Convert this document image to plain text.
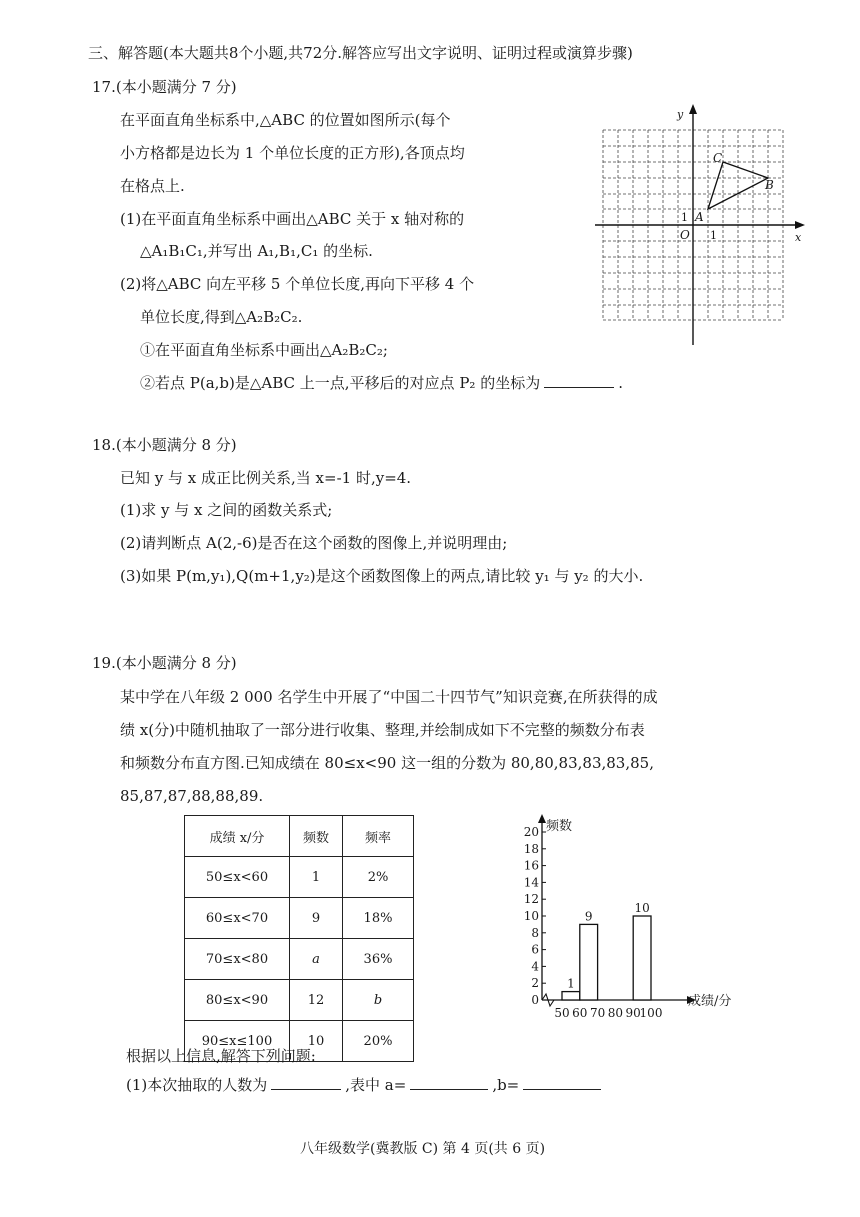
三、解答题(本大题共8个小题,共72分.解答应写出文字说明、证明过程或演算步骤)
17.(本小题满分 7 分)
在平面直角坐标系中,△ABC 的位置如图所示(每个
小方格都是边长为 1 个单位长度的正方形),各顶点均
在格点上.
(1)在平面直角坐标系中画出△ABC 关于 x 轴对称的
△A₁B₁C₁,并写出 A₁,B₁,C₁ 的坐标.
(2)将△ABC 向左平移 5 个单位长度,再向下平移 4 个
单位长度,得到△A₂B₂C₂.
①在平面直角坐标系中画出△A₂B₂C₂;
②若点 P(a,b)是△ABC 上一点,平移后的对应点 P₂ 的坐标为	.
x
y
O 1
1 A
B
C
18.(本小题满分 8 分)
已知 y 与 x 成正比例关系,当 x=-1 时,y=4.
(1)求 y 与 x 之间的函数关系式;
(2)请判断点 A(2,-6)是否在这个函数的图像上,并说明理由;
(3)如果 P(m,y₁),Q(m+1,y₂)是这个函数图像上的两点,请比较 y₁ 与 y₂ 的大小.
19.(本小题满分 8 分)
某中学在八年级 2 000 名学生中开展了“中国二十四节气”知识竞赛,在所获得的成
绩 x(分)中随机抽取了一部分进行收集、整理,并绘制成如下不完整的频数分布表
和频数分布直方图.已知成绩在 80≤x<90 这一组的分数为 80,80,83,83,83,85,
85,87,87,88,88,89.
成绩 x/分	频数	频率
50≤x<60	1	2%
60≤x<70	9	18%
70≤x<80	a	36%
80≤x<90	12	b
90≤x≤100	10	20%
频数
成绩/分
0
2
4
6
8
10
12
14
16
18
20
50 60 70 80 90
100
1
9
10
根据以上信息,解答下列问题:
(1)本次抽取的人数为	,表中 a=	,b=
八年级数学(冀教版 C) 第 4 页(共 6 页)
